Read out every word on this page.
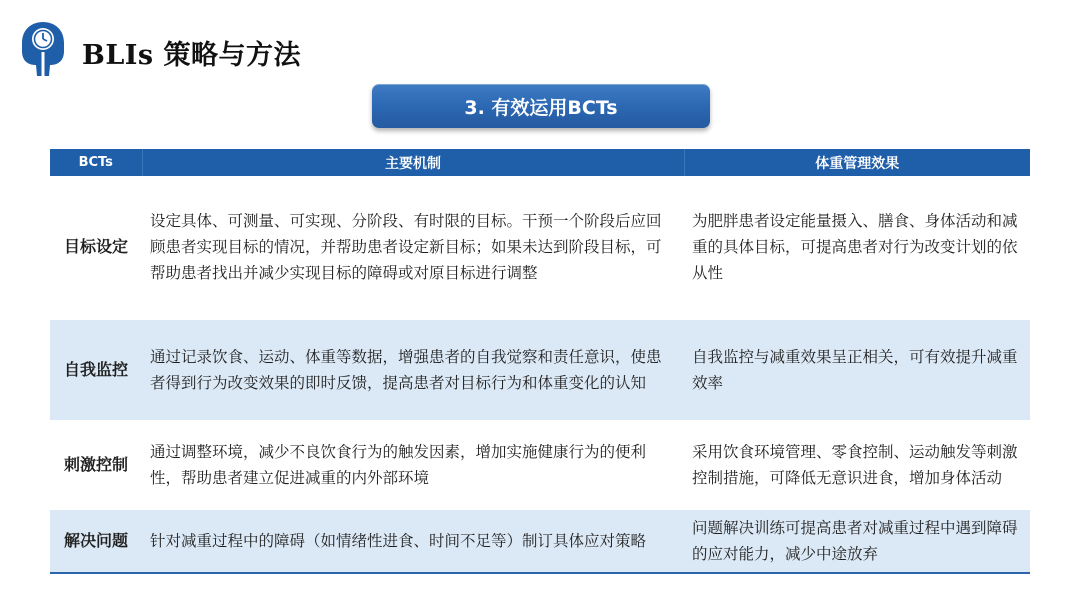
BLIs 策略与方法
3. 有效运用BCTs
BCTs	主要机制	体重管理效果
目标设定	设定具体、可测量、可实现、分阶段、有时限的目标。干预一个阶段后应回顾患者实现目标的情况，并帮助患者设定新目标；如果未达到阶段目标，可帮助患者找出并减少实现目标的障碍或对原目标进行调整	为肥胖患者设定能量摄入、膳食、身体活动和减重的具体目标，可提高患者对行为改变计划的依从性
自我监控	通过记录饮食、运动、体重等数据，增强患者的自我觉察和责任意识，使患者得到行为改变效果的即时反馈，提高患者对目标行为和体重变化的认知	自我监控与减重效果呈正相关，可有效提升减重效率
刺激控制	通过调整环境，减少不良饮食行为的触发因素，增加实施健康行为的便利性，帮助患者建立促进减重的内外部环境	采用饮食环境管理、零食控制、运动触发等刺激控制措施，可降低无意识进食，增加身体活动
解决问题	针对减重过程中的障碍（如情绪性进食、时间不足等）制订具体应对策略	问题解决训练可提高患者对减重过程中遇到障碍的应对能力，减少中途放弃
